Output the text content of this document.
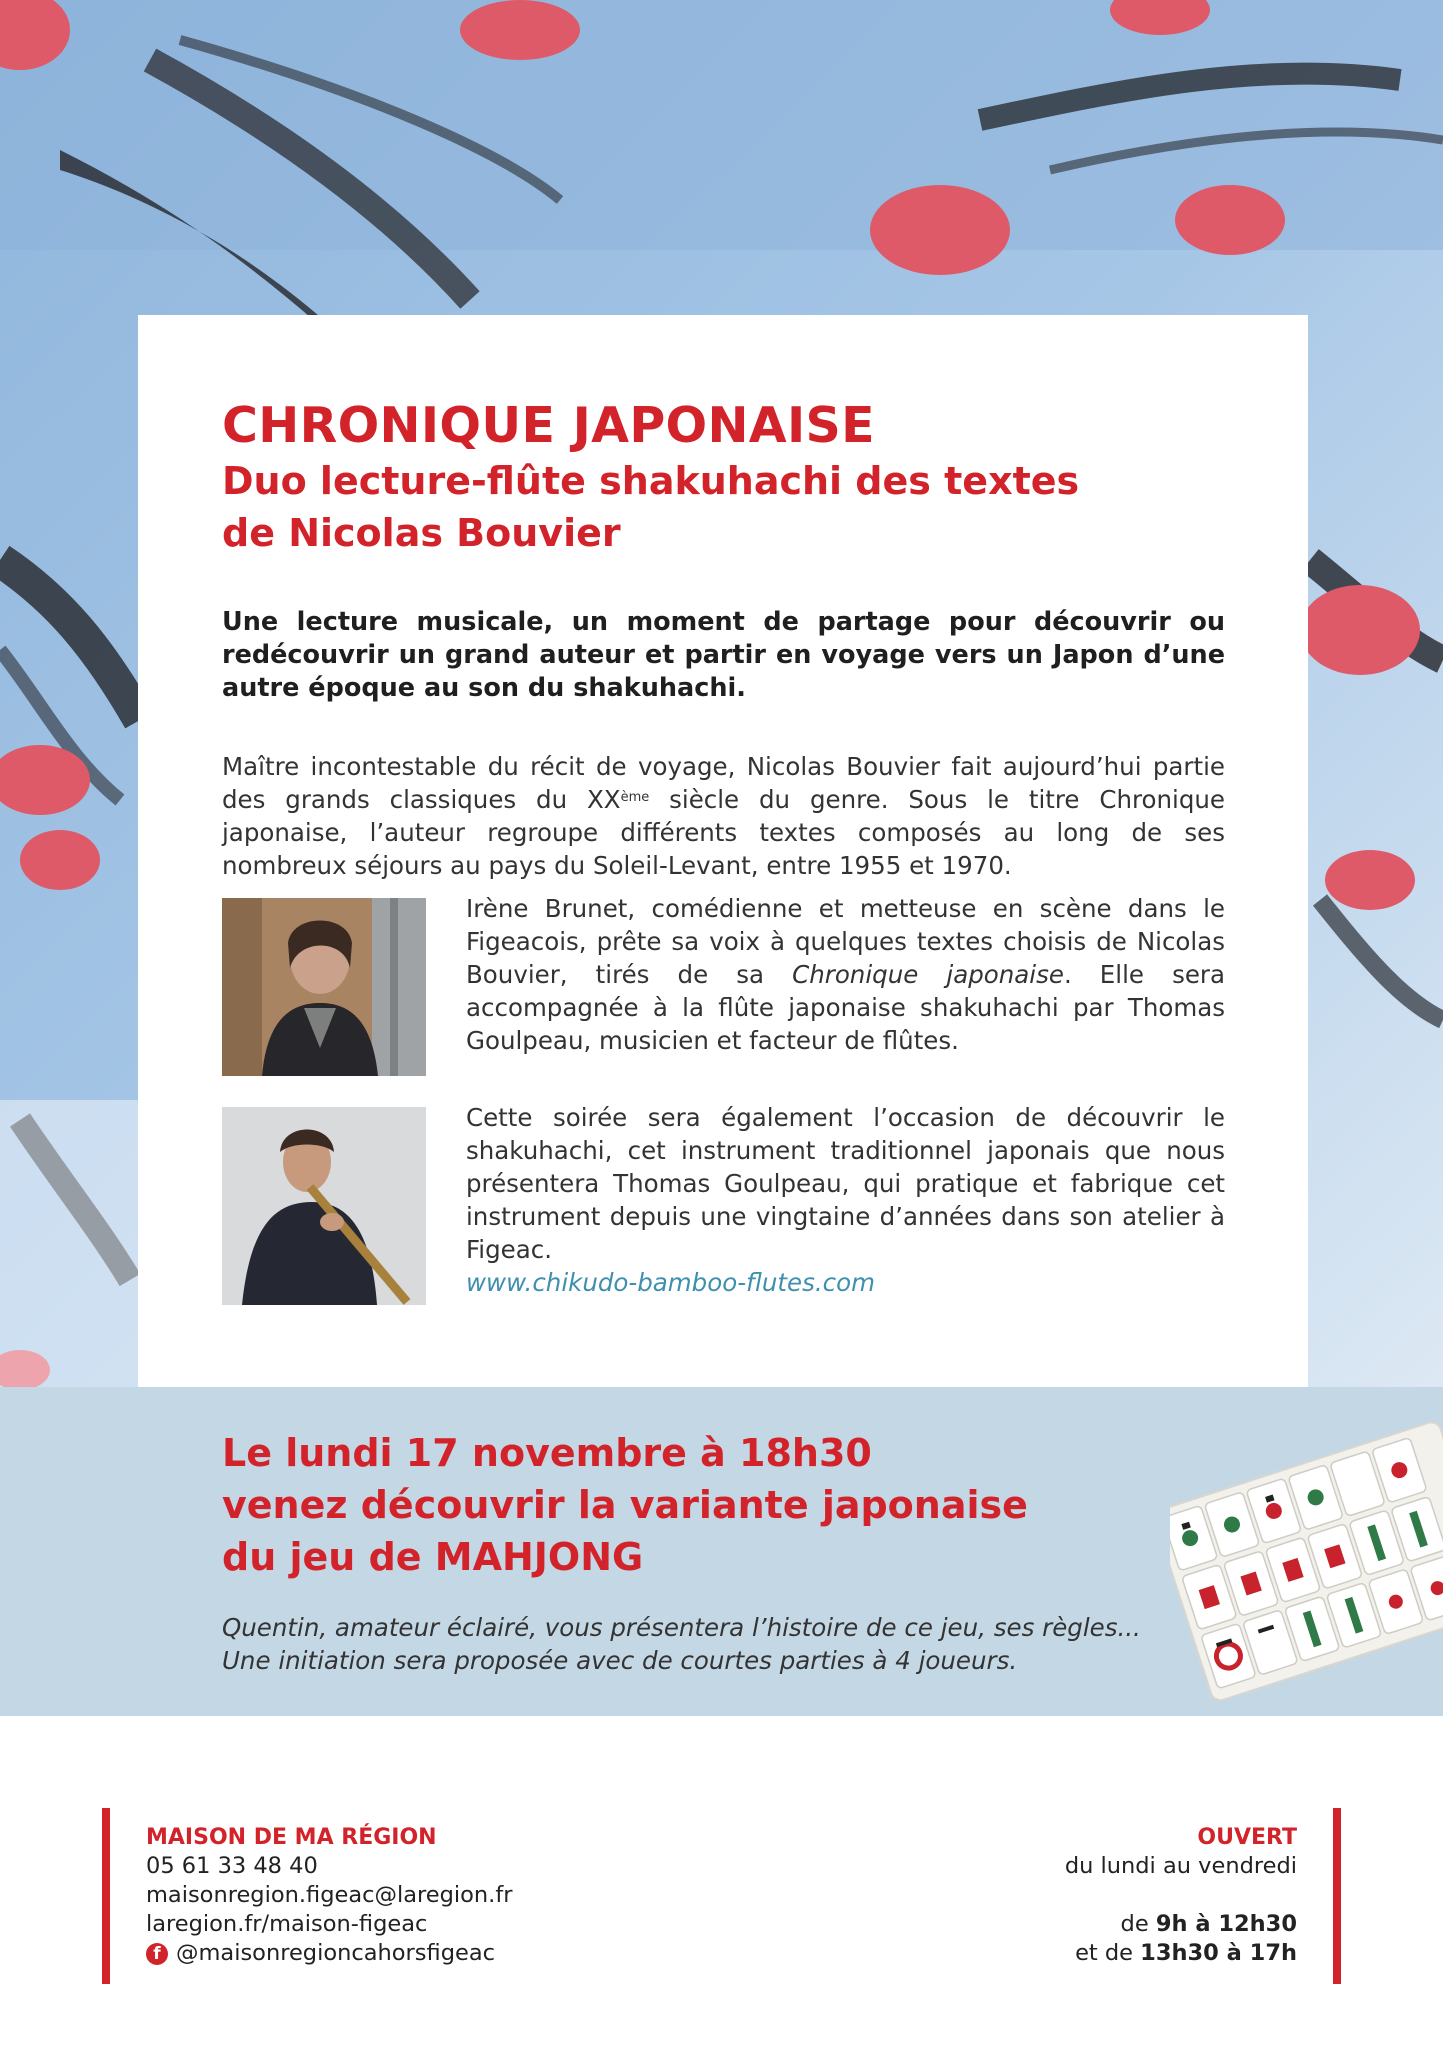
CHRONIQUE JAPONAISE
Duo lecture-flûte shakuhachi des textes
de Nicolas Bouvier

Une lecture musicale, un moment de partage pour découvrir ou redécouvrir un grand auteur et partir en voyage vers un Japon d’une autre époque au son du shakuhachi.

Maître incontestable du récit de voyage, Nicolas Bouvier fait aujourd’hui partie des grands classiques du XXème siècle du genre. Sous le titre Chronique japonaise, l’auteur regroupe différents textes composés au long de ses nombreux séjours au pays du Soleil-Levant, entre 1955 et 1970.

Irène Brunet, comédienne et metteuse en scène dans le Figeacois, prête sa voix à quelques textes choisis de Nicolas Bouvier, tirés de sa Chronique japonaise. Elle sera accompagnée à la flûte japonaise shakuhachi par Thomas Goulpeau, musicien et facteur de flûtes.

Cette soirée sera également l’occasion de découvrir le shakuhachi, cet instrument traditionnel japonais que nous présentera Thomas Goulpeau, qui pratique et fabrique cet instrument depuis une vingtaine d’années dans son atelier à Figeac.

www.chikudo-bamboo-flutes.com

Le lundi 17 novembre à 18h30
venez découvrir la variante japonaise
du jeu de MAHJONG

Quentin, amateur éclairé, vous présentera l’histoire de ce jeu, ses règles...
Une initiation sera proposée avec de courtes parties à 4 joueurs.

MAISON DE MA RÉGION

05 61 33 48 40

maisonregion.figeac@laregion.fr

laregion.fr/maison-figeac

f @maisonregioncahorsfigeac

OUVERT

du lundi au vendredi

de 9h à 12h30

et de 13h30 à 17h
